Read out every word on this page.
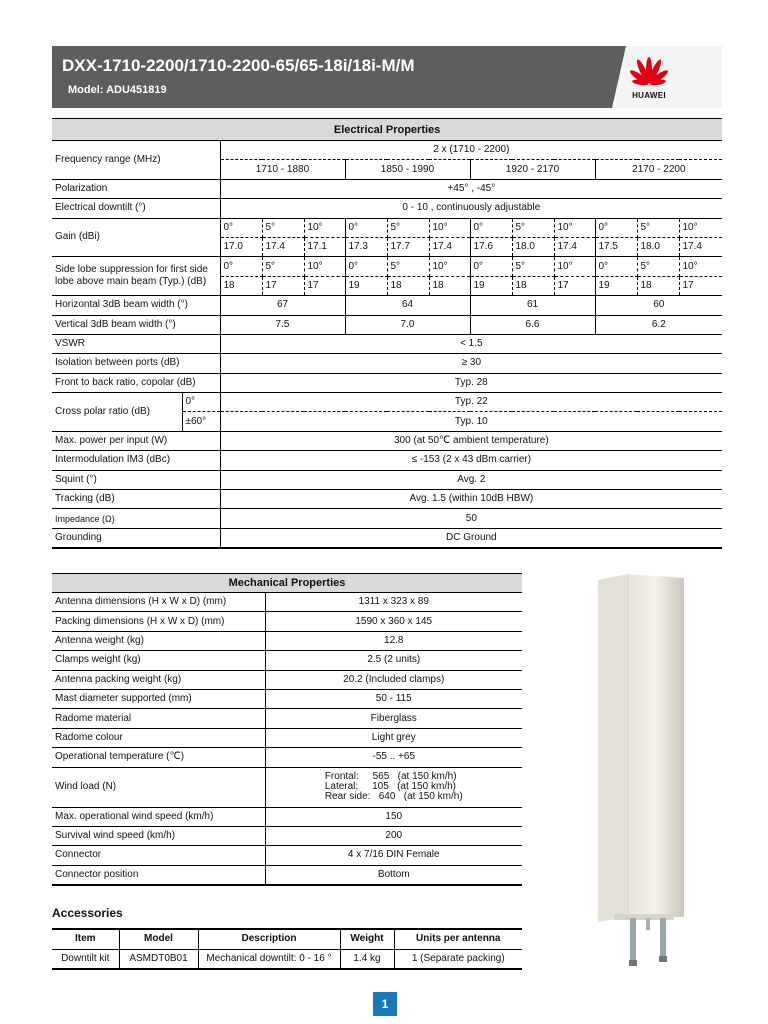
DXX-1710-2200/1710-2200-65/65-18i/18i-M/M
Model: ADU451819	HUAWEI
Electrical Properties													
Frequency range (MHz)		2 x (1710 - 2200)											
		1710 - 1880			1850 - 1990			1920 - 2170			2170 - 2200		
Polarization		+45° , -45°											
Electrical downtilt (°)		0 - 10 , continuously adjustable											
Gain (dBi)		0°	5°	10°	0°	5°	10°	0°	5°	10°	0°	5°	10°
		17.0	17.4	17.1	17.3	17.7	17.4	17.6	18.0	17.4	17.5	18.0	17.4
Side lobe suppression for first side lobe above main beam (Typ.) (dB)		0°	5°	10°	0°	5°	10°	0°	5°	10°	0°	5°	10°
		18	17	17	19	18	18	19	18	17	19	18	17
Horizontal 3dB beam width (°)		67			64			61			60		
Vertical 3dB beam width (°)		7.5			7.0			6.6			6.2		
VSWR		< 1.5											
Isolation between ports (dB)		≥ 30											
Front to back ratio, copolar (dB)		Typ. 28											
Cross polar ratio (dB)	0°	Typ. 22											
	±60°	Typ. 10											
Max. power per input (W)		300 (at 50℃ ambient temperature)											
Intermodulation IM3 (dBc)		≤ -153 (2 x 43 dBm carrier)											
Squint (°)		Avg. 2											
Tracking (dB)		Avg. 1.5 (within 10dB HBW)											
Impedance (Ω)		50											
Grounding		DC Ground											
Mechanical Properties	
Antenna dimensions (H x W x D) (mm)	1311 x 323 x 89
Packing dimensions (H x W x D) (mm)	1590 x 360 x 145
Antenna weight (kg)	12.8
Clamps weight (kg)	2.5 (2 units)
Antenna packing weight (kg)	20.2 (Included clamps)
Mast diameter supported (mm)	50 - 115
Radome material	Fiberglass
Radome colour	Light grey
Operational temperature (℃)	-55 .. +65
Wind load (N)	Frontal:     565   (at 150 km/h)
Lateral:     105   (at 150 km/h)
Rear side:   640   (at 150 km/h)

Max. operational wind speed (km/h)	150
Survival wind speed (km/h)	200
Connector	4 x 7/16 DIN Female
Connector position	Bottom
Accessories
Item	Model	Description	Weight	Units per antenna
Downtilt kit	ASMDT0B01	Mechanical downtilt: 0 - 16 °	1.4 kg	1 (Separate packing)
1
